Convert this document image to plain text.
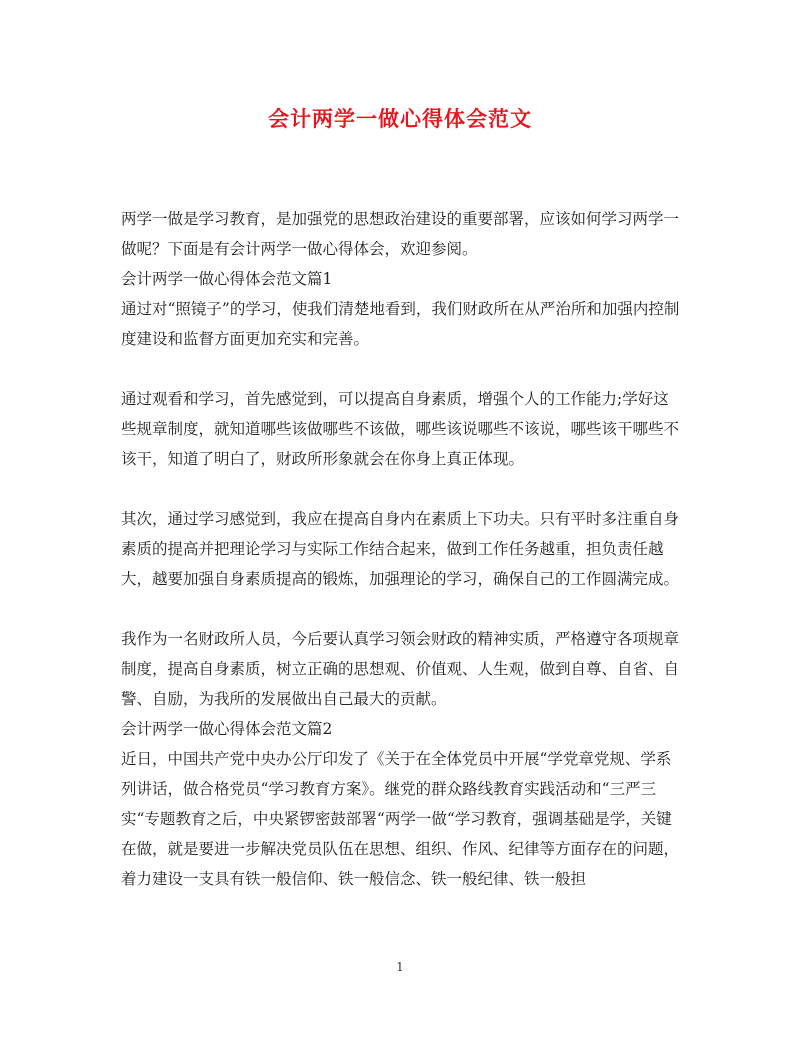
会计两学一做心得体会范文

两学一做是学习教育，是加强党的思想政治建设的重要部署，应该如何学习两学一做呢？下面是有会计两学一做心得体会，欢迎参阅。

会计两学一做心得体会范文篇1

通过对“照镜子”的学习，使我们清楚地看到，我们财政所在从严治所和加强内控制度建设和监督方面更加充实和完善。

通过观看和学习，首先感觉到，可以提高自身素质，增强个人的工作能力;学好这些规章制度，就知道哪些该做哪些不该做，哪些该说哪些不该说，哪些该干哪些不该干，知道了明白了，财政所形象就会在你身上真正体现。

其次，通过学习感觉到，我应在提高自身内在素质上下功夫。只有平时多注重自身素质的提高并把理论学习与实际工作结合起来，做到工作任务越重，担负责任越大，越要加强自身素质提高的锻炼，加强理论的学习，确保自己的工作圆满完成。

我作为一名财政所人员，今后要认真学习领会财政的精神实质，严格遵守各项规章制度，提高自身素质，树立正确的思想观、价值观、人生观，做到自尊、自省、自警、自励，为我所的发展做出自己最大的贡献。

会计两学一做心得体会范文篇2

近日，中国共产党中央办公厅印发了《关于在全体党员中开展“学党章党规、学系列讲话，做合格党员“学习教育方案》。继党的群众路线教育实践活动和“三严三实“专题教育之后，中央紧锣密鼓部署“两学一做“学习教育，强调基础是学，关键在做，就是要进一步解决党员队伍在思想、组织、作风、纪律等方面存在的问题，着力建设一支具有铁一般信仰、铁一般信念、铁一般纪律、铁一般担

1
